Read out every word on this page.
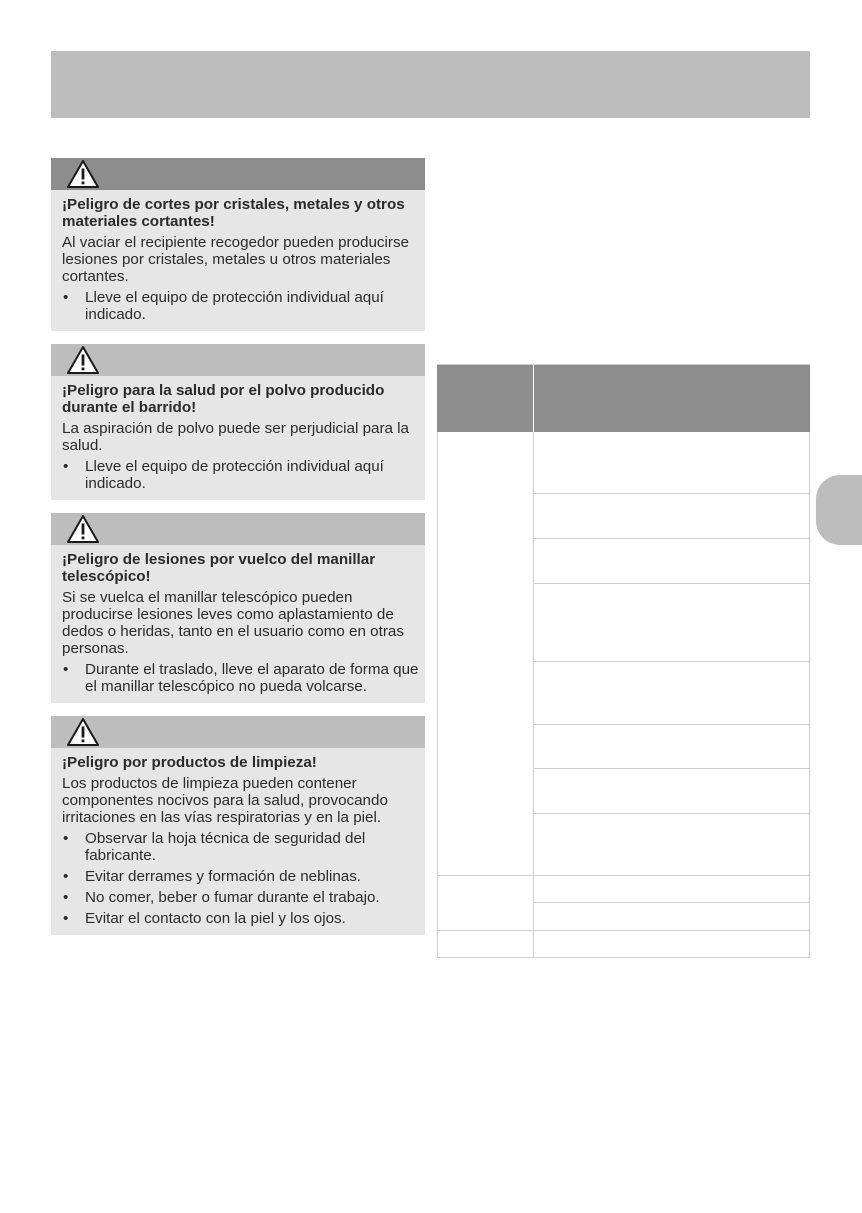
¡Peligro de cortes por cristales, metales y otros materiales cortantes!

Al vaciar el recipiente recogedor pueden producirse lesiones por cristales, metales u otros materiales cortantes.

• Lleve el equipo de protección individual aquí indicado.

¡Peligro para la salud por el polvo producido durante el barrido!

La aspiración de polvo puede ser perjudicial para la salud.

• Lleve el equipo de protección individual aquí indicado.

¡Peligro de lesiones por vuelco del manillar telescópico!

Si se vuelca el manillar telescópico pueden producirse lesiones leves como aplastamiento de dedos o heridas, tanto en el usuario como en otras personas.

• Durante el traslado, lleve el aparato de forma que el manillar telescópico no pueda volcarse.

¡Peligro por productos de limpieza!

Los productos de limpieza pueden contener componentes nocivos para la salud, provocando irritaciones en las vías respiratorias y en la piel.

• Observar la hoja técnica de seguridad del fabricante.
• Evitar derrames y formación de neblinas.
• No comer, beber o fumar durante el trabajo.
• Evitar el contacto con la piel y los ojos.
